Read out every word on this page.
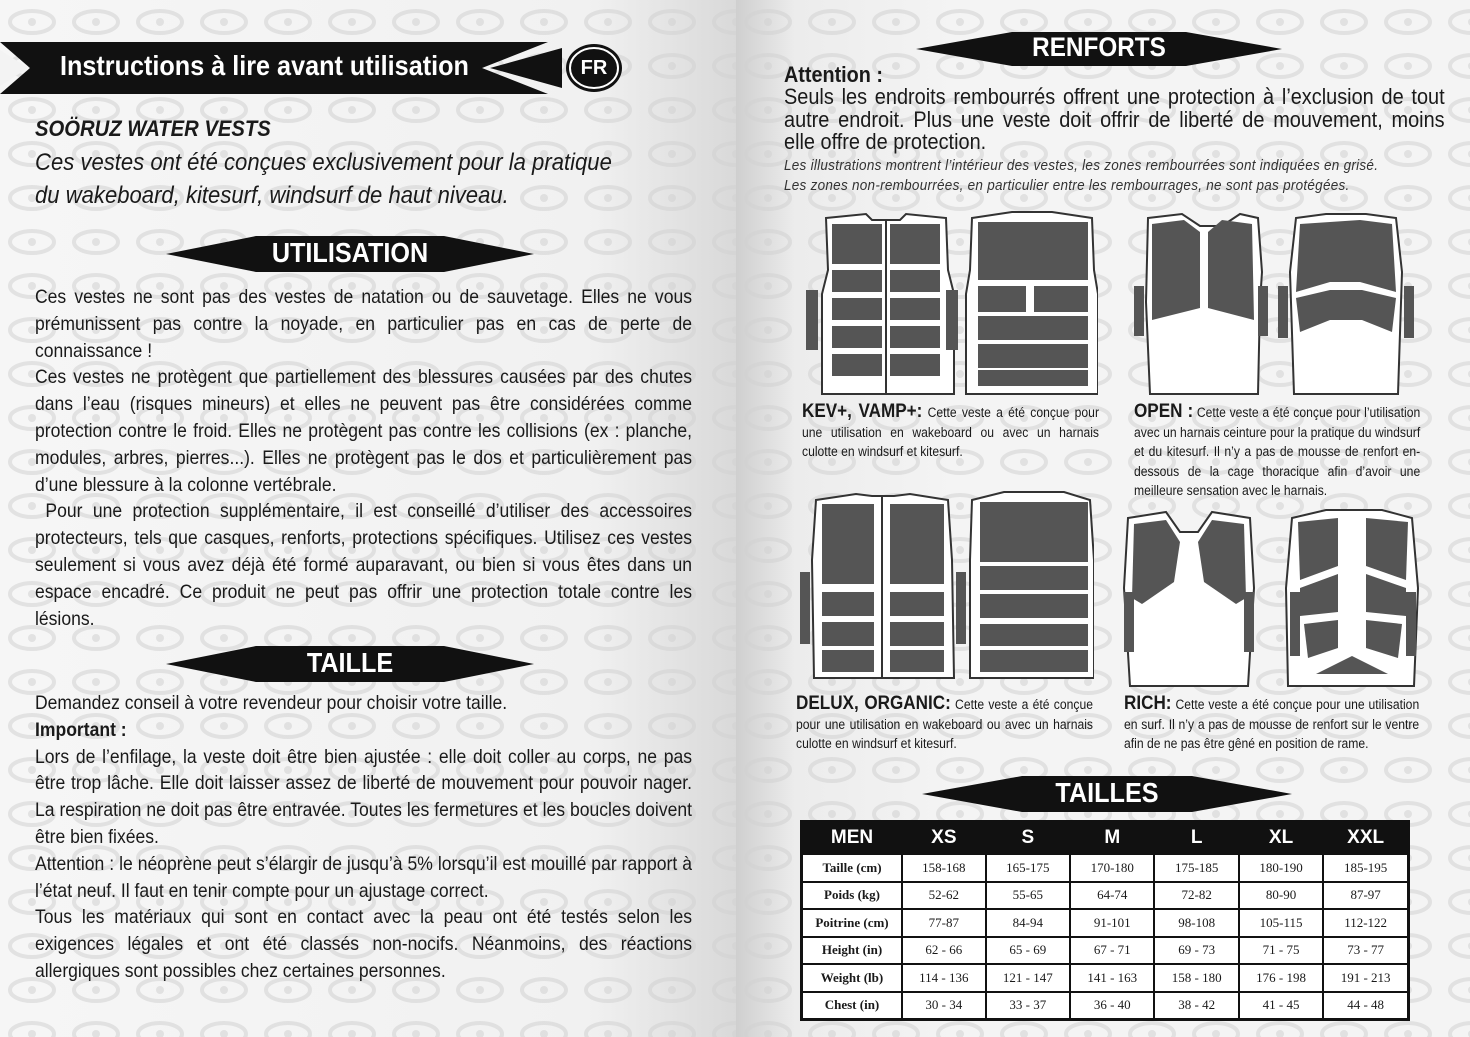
Instructions à lire avant utilisation	FR
SOÖRUZ WATER VESTS
Ces vestes ont été conçues exclusivement pour la pratique du wakeboard, kitesurf, windsurf de haut niveau.
UTILISATION

Ces vestes ne sont pas des vestes de natation ou de sauvetage. Elles ne vous prémunissent pas contre la noyade, en particulier pas en cas de perte de connaissance !

Ces vestes ne protègent que partiellement des blessures causées par des chutes dans l’eau (risques mineurs) et elles ne peuvent pas être considérées comme protection contre le froid. Elles ne protègent pas contre les collisions (ex : planche, modules, arbres, pierres...). Elles ne protègent pas le dos et particulièrement pas d’une blessure à la colonne vertébrale.

Pour une protection supplémentaire, il est conseillé d’utiliser des accessoires protecteurs, tels que casques, renforts, protections spécifiques. Utilisez ces vestes seulement si vous avez déjà été formé auparavant, ou bien si vous êtes dans un espace encadré. Ce produit ne peut pas offrir une protection totale contre les lésions.

TAILLE

Demandez conseil à votre revendeur pour choisir votre taille.

Important :

Lors de l’enfilage, la veste doit être bien ajustée : elle doit coller au corps, ne pas être trop lâche. Elle doit laisser assez de liberté de mouvement pour pouvoir nager. La respiration ne doit pas être entravée. Toutes les fermetures et les boucles doivent être bien fixées.

Attention : le néoprène peut s’élargir de jusqu’à 5% lorsqu’il est mouillé par rapport à l’état neuf. Il faut en tenir compte pour un ajustage correct.

Tous les matériaux qui sont en contact avec la peau ont été testés selon les exigences légales et ont été classés non-nocifs. Néanmoins, des réactions allergiques sont possibles chez certaines personnes.

RENFORTS
Attention :
Seuls les endroits rembourrés offrent une protection à l’exclusion de tout autre endroit. Plus une veste doit offrir de liberté de mouvement, moins elle offre de protection.
Les illustrations montrent l’intérieur des vestes, les zones rembourrées sont indiquées en grisé.
Les zones non-rembourrées, en particulier entre les rembourrages, ne sont pas protégées.
KEV+, VAMP+: Cette veste a été conçue pour une utilisation en wakeboard ou avec un harnais culotte en windsurf et kitesurf.
OPEN : Cette veste a été conçue pour l’utilisation avec un harnais ceinture pour la pratique du windsurf et du kitesurf. Il n’y a pas de mousse de renfort en-dessous de la cage thoracique afin d’avoir une meilleure sensation avec le harnais.
DELUX, ORGANIC: Cette veste a été conçue pour une utilisation en wakeboard ou avec un harnais culotte en windsurf et kitesurf.
RICH: Cette veste a été conçue pour une utilisation en surf. Il n’y a pas de mousse de renfort sur le ventre afin de ne pas être gêné en position de rame.
TAILLES
MEN	XS	S	M	L	XL	XXL
Taille (cm)	158-168	165-175	170-180	175-185	180-190	185-195
Poids (kg)	52-62	55-65	64-74	72-82	80-90	87-97
Poitrine (cm)	77-87	84-94	91-101	98-108	105-115	112-122
Height (in)	62 - 66	65 - 69	67 - 71	69 - 73	71 - 75	73 - 77
Weight (lb)	114 - 136	121 - 147	141 - 163	158 - 180	176 - 198	191 - 213
Chest (in)	30 - 34	33 - 37	36 - 40	38 - 42	41 - 45	44 - 48
